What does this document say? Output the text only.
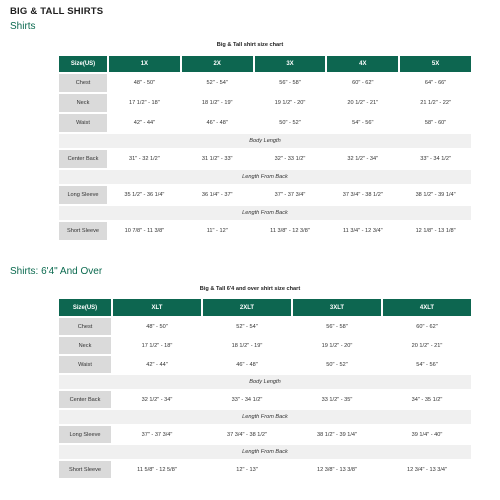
BIG & TALL SHIRTS
Shirts
Big & Tall shirt size chart
Size(US)	1X	2X	3X	4X	5X
Chest	48" - 50"	52" - 54"	56" - 58"	60" - 62"	64" - 66"
Neck	17 1/2" - 18"	18 1/2" - 19"	19 1/2" - 20"	20 1/2" - 21"	21 1/2" - 22"
Waist	42" - 44"	46" - 48"	50" - 52"	54" - 56"	58" - 60"
Body Length					
Center Back	31" - 32 1/2"	31 1/2" - 33"	32" - 33 1/2"	32 1/2" - 34"	33" - 34 1/2"
Length From Back					
Long Sleeve	35 1/2" - 36 1/4"	36 1/4" - 37"	37" - 37 3/4"	37 3/4" - 38 1/2"	38 1/2" - 39 1/4"
Length From Back					
Short Sleeve	10 7/8" - 11 3/8"	11" - 12"	11 3/8" - 12 3/8"	11 3/4" - 12 3/4"	12 1/8" - 13 1/8"
Shirts: 6'4" And Over
Big & Tall 6'4 and over shirt size chart
Size(US)	XLT	2XLT	3XLT	4XLT
Chest	48" - 50"	52" - 54"	56" - 58"	60" - 62"
Neck	17 1/2" - 18"	18 1/2" - 19"	19 1/2" - 20"	20 1/2" - 21"
Waist	42" - 44"	46" - 48"	50" - 52"	54" - 56"
Body Length				
Center Back	32 1/2" - 34"	33" - 34 1/2"	33 1/2" - 35"	34" - 35 1/2"
Length From Back				
Long Sleeve	37" - 37 3/4"	37 3/4" - 38 1/2"	38 1/2" - 39 1/4"	39 1/4" - 40"
Length From Back				
Short Sleeve	11 5/8" - 12 5/8"	12" - 13"	12 3/8" - 13 3/8"	12 3/4" - 13 3/4"
